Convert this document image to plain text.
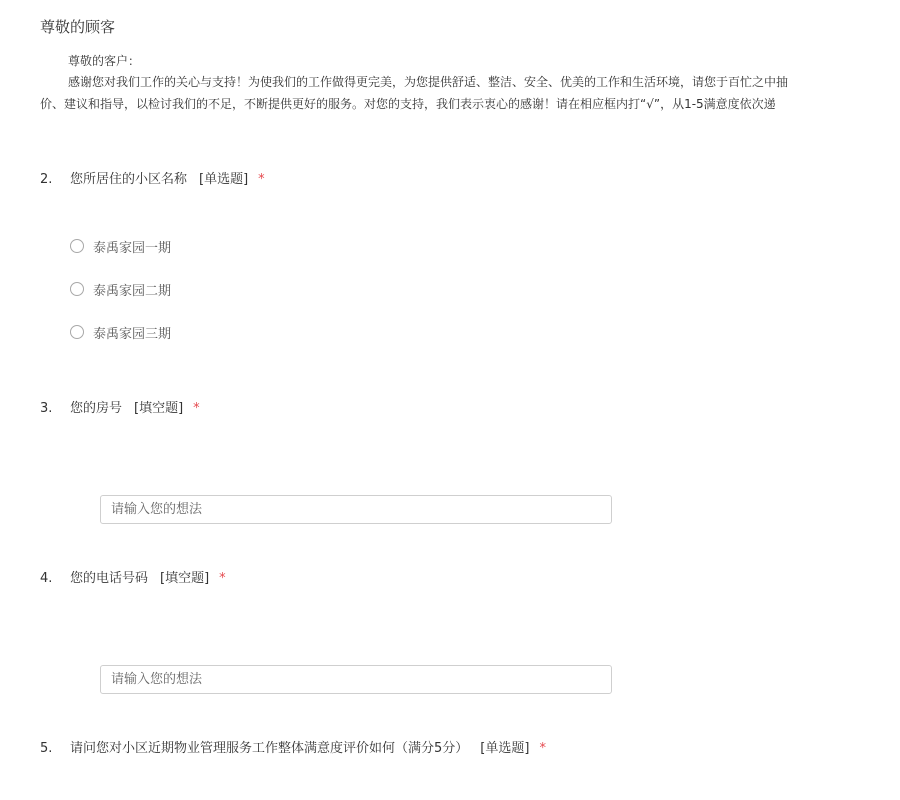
尊敬的顾客
尊敬的客户：
感谢您对我们工作的关心与支持！为使我们的工作做得更完美，为您提供舒适、整洁、安全、优美的工作和生活环境，请您于百忙之中抽
价、建议和指导，以检讨我们的不足，不断提供更好的服务。对您的支持，我们表示衷心的感谢！请在相应框内打“√”，从1-5满意度依次递
2. 您所居住的小区名称 [单选题] *
泰禹家园一期
泰禹家园二期
泰禹家园三期
3. 您的房号 [填空题] *
请输入您的想法
4. 您的电话号码 [填空题] *
请输入您的想法
5. 请问您对小区近期物业管理服务工作整体满意度评价如何（满分5分） [单选题] *
